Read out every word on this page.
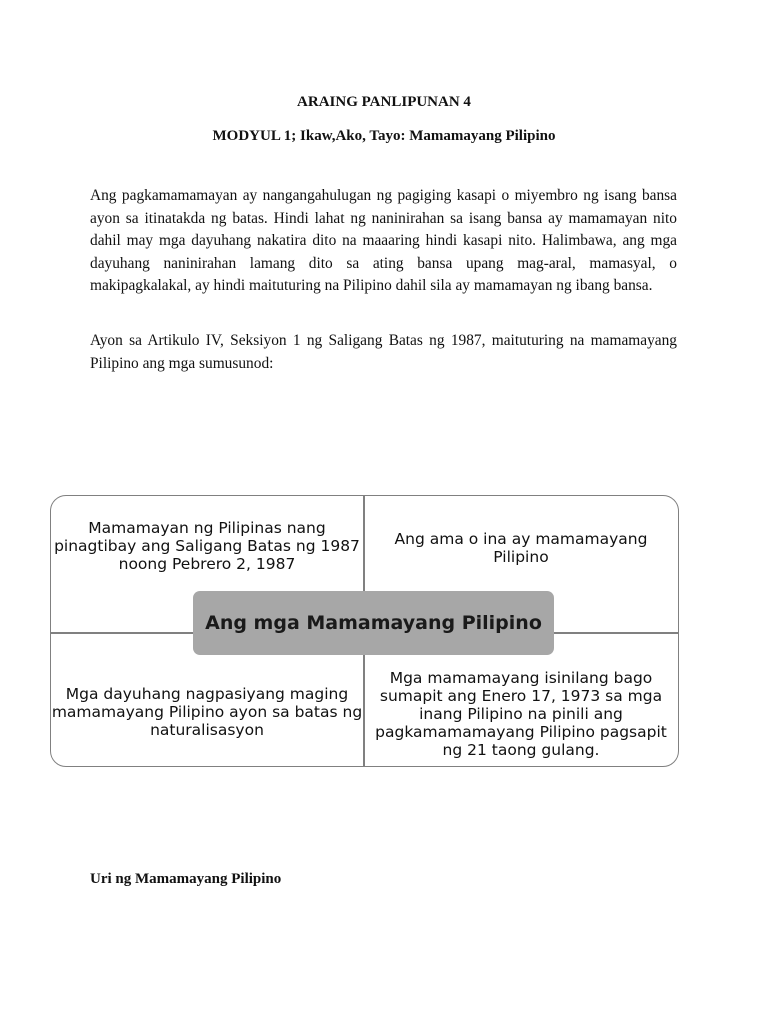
ARAING PANLIPUNAN 4
MODYUL 1; Ikaw,Ako, Tayo: Mamamayang Pilipino

Ang pagkamamamayan ay nangangahulugan ng pagiging kasapi o miyembro ng isang bansa ayon sa itinatakda ng batas. Hindi lahat ng naninirahan sa isang bansa ay mamamayan nito dahil may mga dayuhang nakatira dito na maaaring hindi kasapi nito. Halimbawa, ang mga dayuhang naninirahan lamang dito sa ating bansa upang mag-aral, mamasyal, o makipagkalakal, ay hindi maituturing na Pilipino dahil sila ay mamamayan ng ibang bansa.

Ayon sa Artikulo IV, Seksiyon 1 ng Saligang Batas ng 1987, maituturing na mamamayang Pilipino ang mga sumusunod:

Mamamayan ng Pilipinas nang pinagtibay ang Saligang Batas ng 1987 noong Pebrero 2, 1987
Ang ama o ina ay mamamayang Pilipino
Mga dayuhang nagpasiyang maging mamamayang Pilipino ayon sa batas ng naturalisasyon
Mga mamamayang isinilang bago sumapit ang Enero 17, 1973 sa mga inang Pilipino na pinili ang pagkamamamayang Pilipino pagsapit ng 21 taong gulang.
Ang mga Mamamayang Pilipino
Uri ng Mamamayang Pilipino
